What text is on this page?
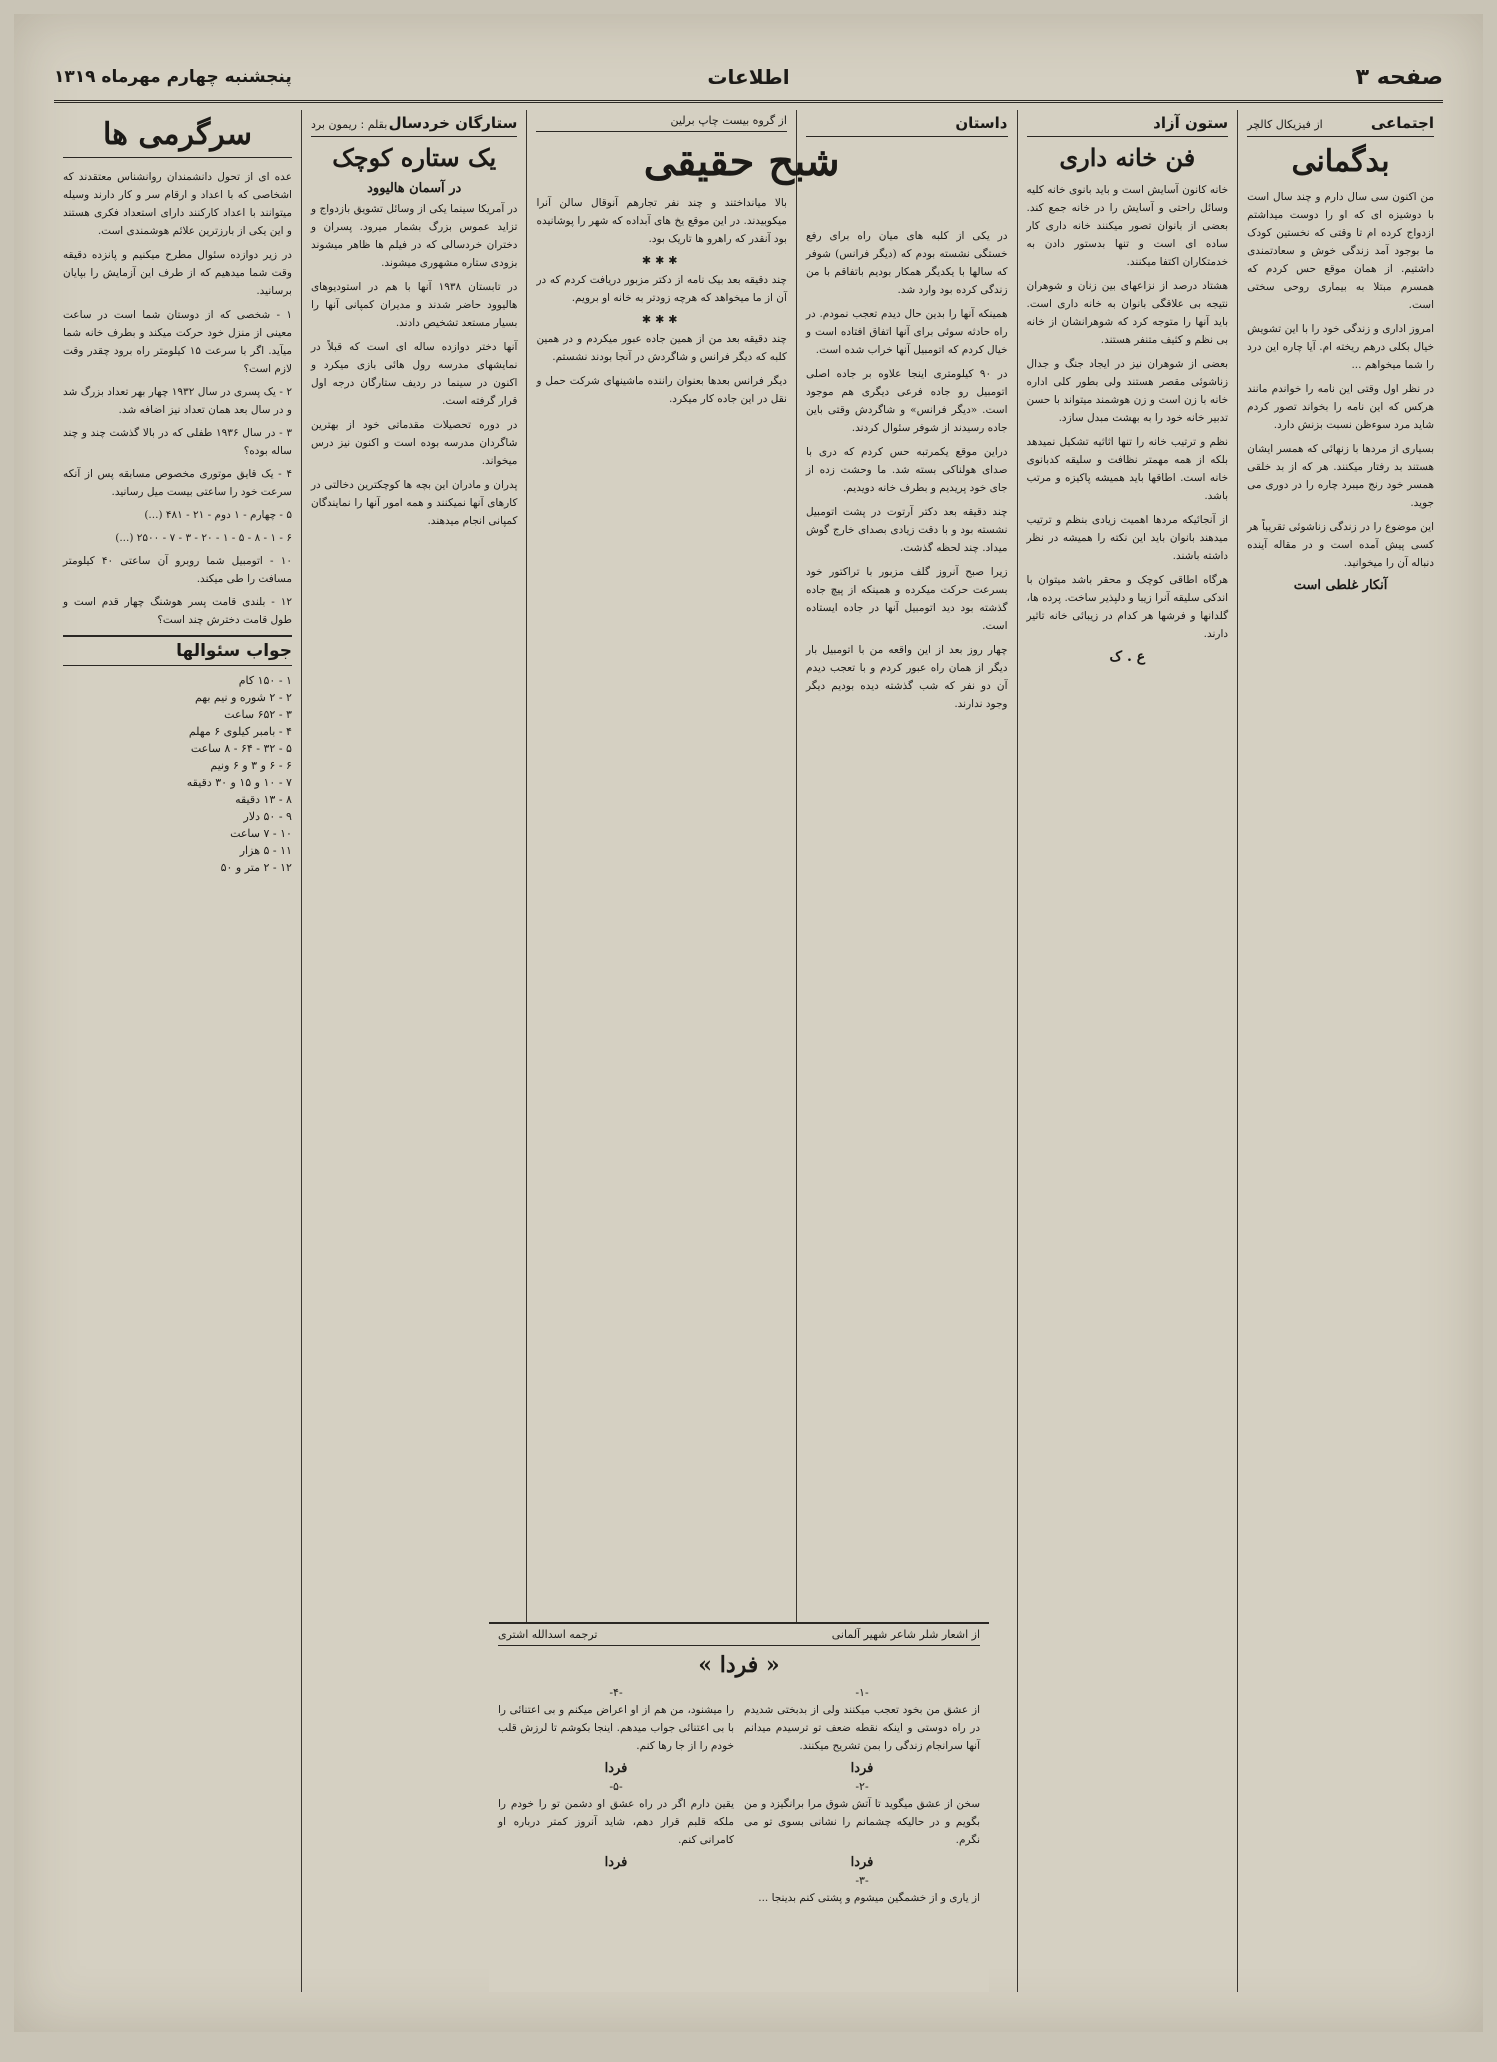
صفحه ۳
اطلاعات
پنجشنبه چهارم مهرماه ۱۳۱۹
اجتماعی
از فیزیکال کالچر
بدگمانی

من اکنون سی سال دارم و چند سال است با دوشیزه ای که او را دوست میداشتم ازدواج کرده ام تا وقتی که نخستین کودک ما بوجود آمد زندگی خوش و سعادتمندی داشتیم. از همان موقع حس کردم که همسرم مبتلا به بیماری روحی سختی است.

امروز اداری و زندگی خود را با این تشویش خیال بکلی درهم ریخته ام. آیا چاره این درد را شما میخواهم ...

در نظر اول وقتی این نامه را خواندم مانند هرکس که این نامه را بخواند تصور کردم شاید مرد سوءظن نسبت بزنش دارد.

بسیاری از مردها با زنهائی که همسر ایشان هستند بد رفتار میکنند. هر که از بد خلقی همسر خود رنج میبرد چاره را در دوری می جوید.

این موضوع را در زندگی زناشوئی تقریباً هر کسی پیش آمده است و در مقاله آینده دنباله آن را میخوانید.

آنکار غلطی است
ستون آزاد
فن خانه داری

خانه کانون آسایش است و باید بانوی خانه کلیه وسائل راحتی و آسایش را در خانه جمع کند. بعضی از بانوان تصور میکنند خانه داری کار ساده ای است و تنها بدستور دادن به خدمتکاران اکتفا میکنند.

هشتاد درصد از نزاعهای بین زنان و شوهران نتیجه بی علاقگی بانوان به خانه داری است. باید آنها را متوجه کرد که شوهرانشان از خانه بی نظم و کثیف متنفر هستند.

بعضی از شوهران نیز در ایجاد جنگ و جدال زناشوئی مقصر هستند ولی بطور کلی اداره خانه با زن است و زن هوشمند میتواند با حسن تدبیر خانه خود را به بهشت مبدل سازد.

نظم و ترتیب خانه را تنها اثاثیه تشکیل نمیدهد بلکه از همه مهمتر نظافت و سلیقه کدبانوی خانه است. اطاقها باید همیشه پاکیزه و مرتب باشد.

از آنجائیکه مردها اهمیت زیادی بنظم و ترتیب میدهند بانوان باید این نکته را همیشه در نظر داشته باشند.

هرگاه اطاقی کوچک و محقر باشد میتوان با اندکی سلیقه آنرا زیبا و دلپذیر ساخت. پرده ها، گلدانها و فرشها هر کدام در زیبائی خانه تاثیر دارند.

ع . ک
داستان

در یکی از کلبه های میان راه برای رفع خستگی نشسته بودم که (دیگر فرانس) شوفر که سالها با یکدیگر همکار بودیم باتفاقم با من زندگی کرده بود وارد شد.

همینکه آنها را بدین حال دیدم تعجب نمودم. در راه حادثه سوئی برای آنها اتفاق افتاده است و خیال کردم که اتومبیل آنها خراب شده است.

در ۹۰ کیلومتری اینجا علاوه بر جاده اصلی اتومبیل رو جاده فرعی دیگری هم موجود است. «دیگر فرانس» و شاگردش وقتی باین جاده رسیدند از شوفر سئوال کردند.

دراین موقع یکمرتبه حس کردم که دری با صدای هولناکی بسته شد. ما وحشت زده از جای خود پریدیم و بطرف خانه دویدیم.

چند دقیقه بعد دکتر آرتوت در پشت اتومبیل نشسته بود و با دقت زیادی بصدای خارج گوش میداد. چند لحظه گذشت.

زیرا صبح آنروز گلف مزبور با تراکتور خود بسرعت حرکت میکرده و همینکه از پیچ جاده گذشته بود دید اتومبیل آنها در جاده ایستاده است.

چهار روز بعد از این واقعه من با اتومبیل بار دیگر از همان راه عبور کردم و با تعجب دیدم آن دو نفر که شب گذشته دیده بودیم دیگر وجود ندارند.

از گروه بیست چاپ برلین
شبح حقیقی

بالا میانداختند و چند نفر تجارهم آنوقال سالن آنرا میکوبیدند. در این موقع یخ های آبداده كه شهر را پوشانیده بود آنقدر که راهرو ها تاریک بود.

✱✱✱

چند دقیقه بعد بیک نامه از دکتر مزبور دریافت کردم که در آن از ما میخواهد که هرچه زودتر به خانه او برویم.

✱✱✱

چند دقیقه بعد من از همین جاده عبور میکردم و در همین کلبه که دیگر فرانس و شاگردش در آنجا بودند نشستم.

دیگر فرانس بعدها بعنوان راننده ماشینهای شرکت حمل و نقل در این جاده کار میکرد.

ستارگان خردسال
بقلم : ریمون برد
یک ستاره کوچک
در آسمان هالیوود

در آمریکا سینما یکی از وسائل تشویق بازدواج و تزاید عموس بزرگ بشمار میرود. پسران و دختران خردسالی که در فیلم ها ظاهر میشوند بزودی ستاره مشهوری میشوند.

در تابستان ۱۹۳۸ آنها با هم در استودیوهای هالیوود حاضر شدند و مدیران کمپانی آنها را بسیار مستعد تشخیص دادند.

آنها دختر دوازده ساله ای است که قبلاً در نمایشهای مدرسه رول هائی بازی میکرد و اکنون در سینما در ردیف ستارگان درجه اول قرار گرفته است.

در دوره تحصیلات مقدماتی خود از بهترین شاگردان مدرسه بوده است و اکنون نیز درس میخواند.

پدران و مادران این بچه ها کوچکترین دخالتی در کارهای آنها نمیکنند و همه امور آنها را نمایندگان کمپانی انجام میدهند.

سرگرمی ها

عده ای از تحول دانشمندان روانشناس معتقدند که اشخاصی که با اعداد و ارقام سر و کار دارند وسیله میتوانند با اعداد کارکنند دارای استعداد فکری هستند و این یکی از بارزترین علائم هوشمندی است.

در زیر دوازده سئوال مطرح میکنیم و پانزده دقیقه وقت شما میدهیم که از طرف این آزمایش را بپایان برسانید.

۱ - شخصی که از دوستان شما است در ساعت معینی از منزل خود حرکت میکند و بطرف خانه شما میآید. اگر با سرعت ۱۵ کیلومتر راه برود چقدر وقت لازم است؟

۲ - یک پسری در سال ۱۹۳۲ چهار بهر تعداد بزرگ شد و در سال بعد همان تعداد نیز اضافه شد.

۳ - در سال ۱۹۳۶ طفلی که در بالا گذشت چند و چند ساله بوده؟

۴ - یک قایق موتوری مخصوص مسابقه پس از آنکه سرعت خود را ساعتی بیست میل رسانید.

۵ - چهارم - ۱ دوم - ۲۱ - ۴۸۱ (...)

۶ - ۱ - ۸ - ۵ - ۱ - ۲۰ - ۳ - ۷ - ۲۵۰۰ (...)

۱۰ - اتومبیل شما روبرو آن ساعتی ۴۰ کیلومتر مسافت را طی میکند.

۱۲ - بلندی قامت پسر هوشنگ چهار قدم است و طول قامت دخترش چند است؟

جواب سئوالها
۱ - ۱۵۰ کام
۲ - ۲ شوره و نیم بهم
۳ - ۶۵۲ ساعت
۴ - بامبر کیلوی ۶ مهلم
۵ - ۳۲ - ۶۴ - ۸ ساعت
۶ - ۶ و ۳ و ۶ ونیم
۷ - ۱۰ و ۱۵ و ۳۰ دقیقه
۸ - ۱۳ دقیقه
۹ - ۵۰ دلار
۱۰ - ۷ ساعت
۱۱ - ۵ هزار
۱۲ - ۲ متر و ۵۰
از اشعار شلر شاعر شهیر آلمانی
ترجمه اسدالله اشتری
« فردا »
-۱-

از عشق من بخود تعجب میکنند ولی از بدبختی شدیدم در راه دوستی و اینکه نقطه ضعف تو ترسیدم میدانم آنها سرانجام زندگی را بمن تشریح میکنند.

فردا
-۲-

سخن از عشق میگوید تا آتش شوق مرا برانگیزد و من بگویم و در حالیکه چشمانم را نشانی بسوی تو می نگرم.

فردا
-۳-

از یاری و از خشمگین میشوم و پشتی کنم بدینجا ...

-۴-

را میشنود، من هم از او اعراض میکنم و بی اعتنائی را با بی اعتنائی جواب میدهم. اینجا بکوشم تا لرزش قلب خودم را از جا رها کنم.

فردا
-۵-

یقین دارم اگر در راه عشق او دشمن تو را خودم را ملکه قلبم قرار دهم، شاید آنروز کمتر درباره او کامرانی کنم.

فردا
